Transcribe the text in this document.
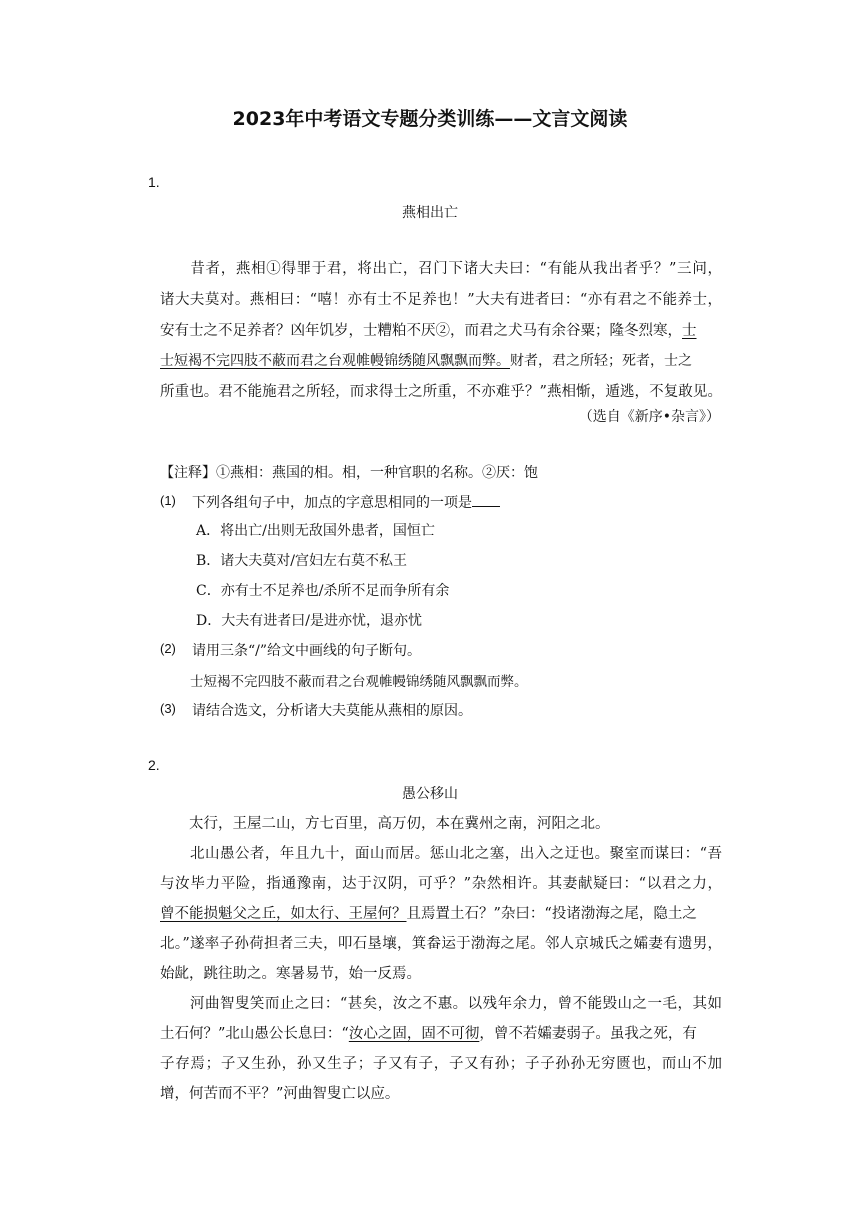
2023年中考语文专题分类训练——文言文阅读
1.
燕相出亡
　　昔者，燕相①得罪于君，将出亡，召门下诸大夫曰：“有能从我出者乎？”三问，
诸大夫莫对。燕相曰：“嘻！亦有士不足养也！”大夫有进者曰：“亦有君之不能养士，
安有士之不足养者？凶年饥岁，士糟粕不厌②，而君之犬马有余谷粟；隆冬烈寒，士
士短褐不完四肢不蔽而君之台观帷幔锦绣随风飘飘而弊。财者，君之所轻；死者，士之
所重也。君不能施君之所轻，而求得士之所重，不亦难乎？”燕相惭，遁逃，不复敢见。
（选自《新序•杂言》）
【注释】①燕相：燕国的相。相，一种官职的名称。②厌：饱
(1) 下列各组句子中，加点的字意思相同的一项是
A．将出亡/出则无敌国外患者，国恒亡
B．诸大夫莫对/宫妇左右莫不私王
C．亦有士不足养也/杀所不足而争所有余
D．大夫有进者曰/是进亦忧，退亦忧
(2) 请用三条“/”给文中画线的句子断句。
士短褐不完四肢不蔽而君之台观帷幔锦绣随风飘飘而弊。
(3) 请结合选文，分析诸大夫莫能从燕相的原因。
2.
愚公移山
　　太行，王屋二山，方七百里，高万仞，本在冀州之南，河阳之北。
　　北山愚公者，年且九十，面山而居。惩山北之塞，出入之迂也。聚室而谋曰：“吾
与汝毕力平险，指通豫南，达于汉阴，可乎？”杂然相许。其妻献疑曰：“以君之力，
曾不能损魁父之丘，如太行、王屋何？且焉置土石？”杂曰：“投诸渤海之尾，隐土之
北。”遂率子孙荷担者三夫，叩石垦壤，箕畚运于渤海之尾。邻人京城氏之孀妻有遗男，
始龀，跳往助之。寒暑易节，始一反焉。
　　河曲智叟笑而止之曰：“甚矣，汝之不惠。以残年余力，曾不能毁山之一毛，其如
土石何？”北山愚公长息曰：“汝心之固，固不可彻，曾不若孀妻弱子。虽我之死，有
子存焉；子又生孙，孙又生子；子又有子，子又有孙；子子孙孙无穷匮也，而山不加
增，何苦而不平？”河曲智叟亡以应。
